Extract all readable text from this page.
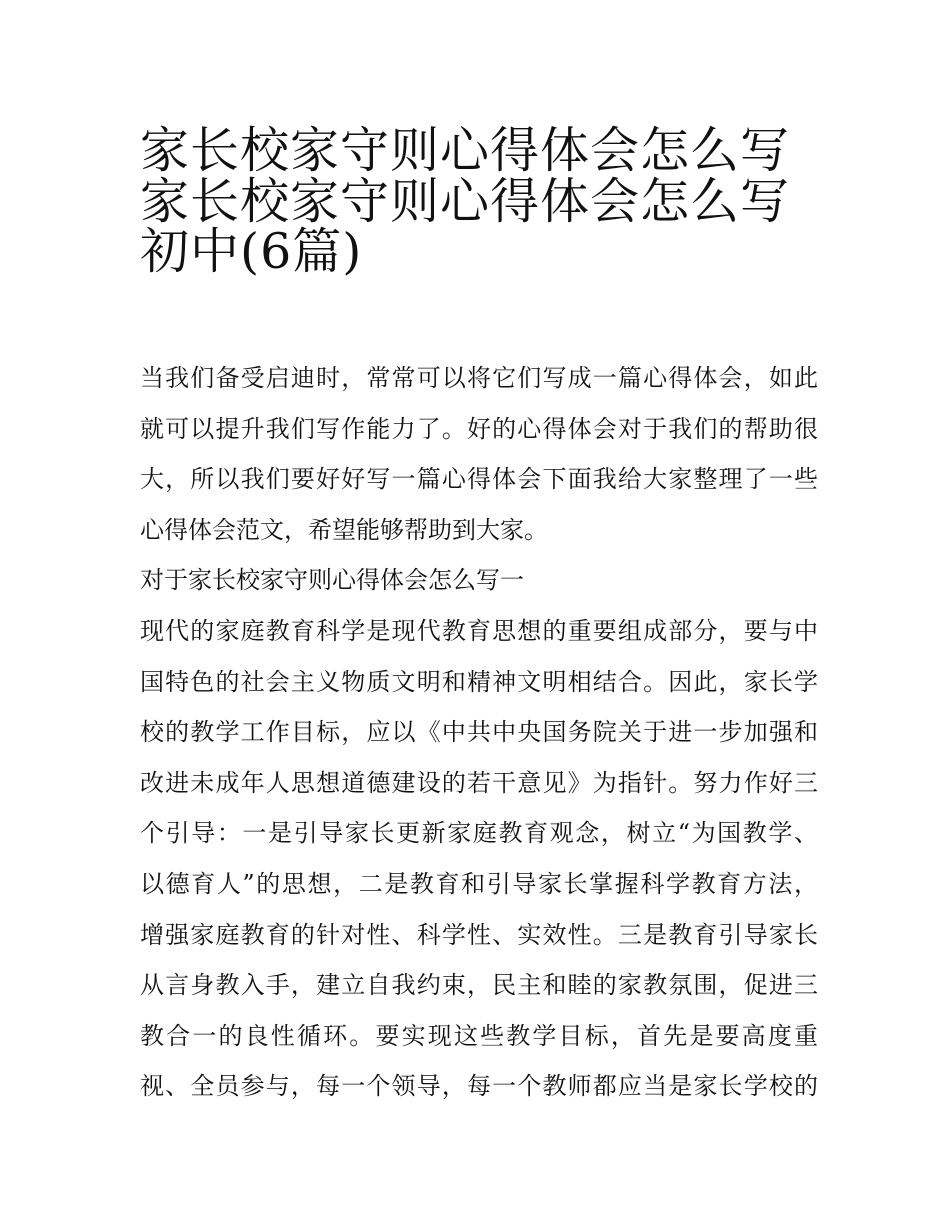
家长校家守则心得体会怎么写
家长校家守则心得体会怎么写
初中(6篇)
当我们备受启迪时，常常可以将它们写成一篇心得体会，如此
就可以提升我们写作能力了。好的心得体会对于我们的帮助很
大，所以我们要好好写一篇心得体会下面我给大家整理了一些
心得体会范文，希望能够帮助到大家。
对于家长校家守则心得体会怎么写一
现代的家庭教育科学是现代教育思想的重要组成部分，要与中
国特色的社会主义物质文明和精神文明相结合。因此，家长学
校的教学工作目标，应以《中共中央国务院关于进一步加强和
改进未成年人思想道德建设的若干意见》为指针。努力作好三
个引导：一是引导家长更新家庭教育观念，树立“为国教学、
以德育人”的思想，二是教育和引导家长掌握科学教育方法，
增强家庭教育的针对性、科学性、实效性。三是教育引导家长
从言身教入手，建立自我约束，民主和睦的家教氛围，促进三
教合一的良性循环。要实现这些教学目标，首先是要高度重
视、全员参与，每一个领导，每一个教师都应当是家长学校的
